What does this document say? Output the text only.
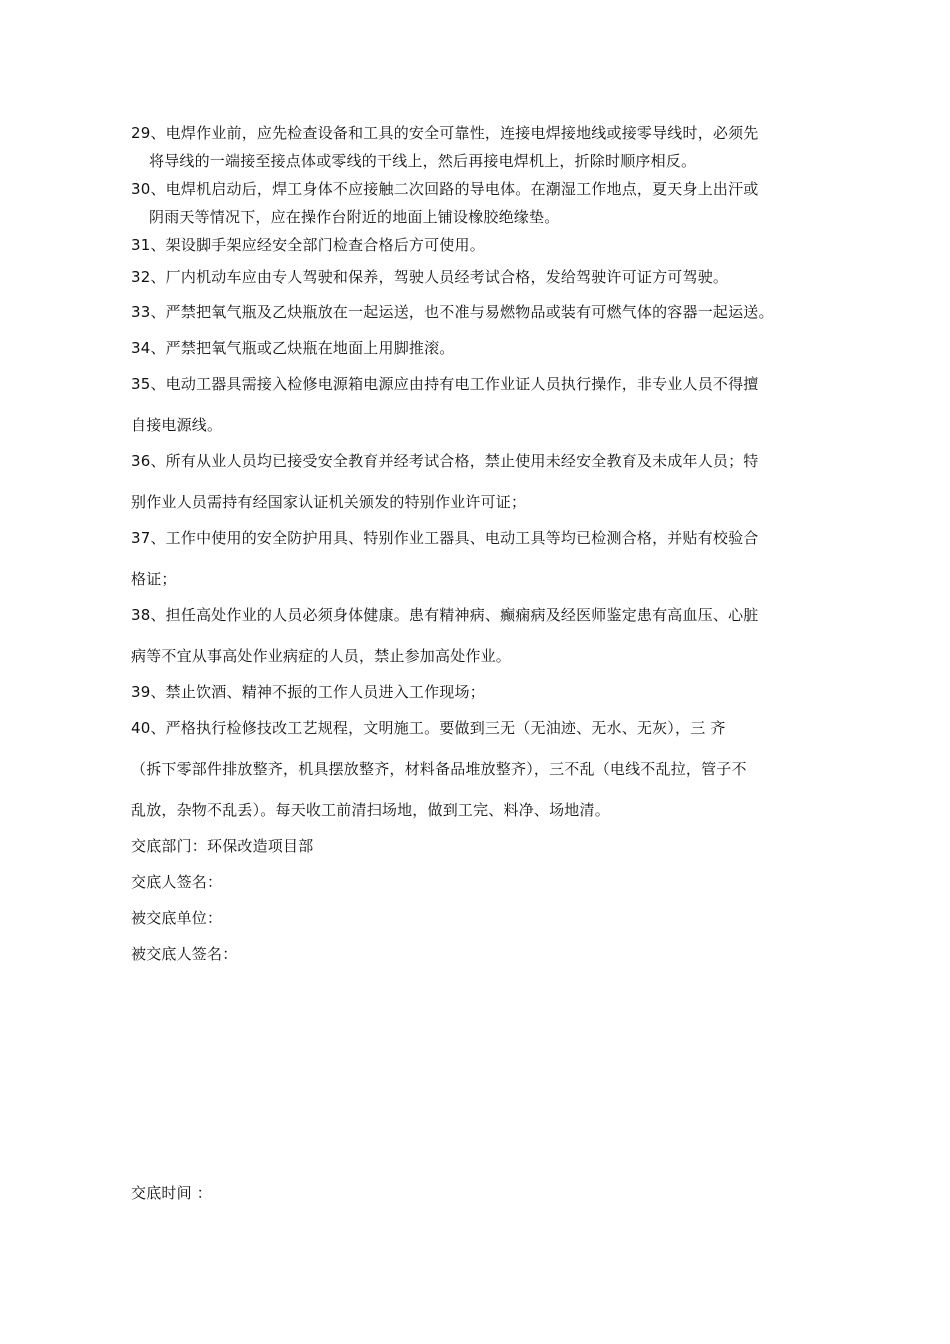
29、电焊作业前，应先检查设备和工具的安全可靠性，连接电焊接地线或接零导线时，必须先
将导线的一端接至接点体或零线的干线上，然后再接电焊机上，折除时顺序相反。
30、电焊机启动后，焊工身体不应接触二次回路的导电体。在潮湿工作地点，夏天身上出汗或
阴雨天等情况下，应在操作台附近的地面上铺设橡胶绝缘垫。
31、架设脚手架应经安全部门检查合格后方可使用。
32、厂内机动车应由专人驾驶和保养，驾驶人员经考试合格，发给驾驶许可证方可驾驶。
33、严禁把氧气瓶及乙炔瓶放在一起运送，也不准与易燃物品或装有可燃气体的容器一起运送。
34、严禁把氧气瓶或乙炔瓶在地面上用脚推滚。
35、电动工器具需接入检修电源箱电源应由持有电工作业证人员执行操作，非专业人员不得擅
自接电源线。
36、所有从业人员均已接受安全教育并经考试合格，禁止使用未经安全教育及未成年人员；特
别作业人员需持有经国家认证机关颁发的特别作业许可证；
37、工作中使用的安全防护用具、特别作业工器具、电动工具等均已检测合格，并贴有校验合
格证；
38、担任高处作业的人员必须身体健康。患有精神病、癫痫病及经医师鉴定患有高血压、心脏
病等不宜从事高处作业病症的人员，禁止参加高处作业。
39、禁止饮酒、精神不振的工作人员进入工作现场；
40、严格执行检修技改工艺规程，文明施工。要做到三无（无油迹、无水、无灰），三 齐
（拆下零部件排放整齐，机具摆放整齐，材料备品堆放整齐），三不乱（电线不乱拉，管子不
乱放，杂物不乱丢）。每天收工前清扫场地，做到工完、料净、场地清。
交底部门：环保改造项目部
交底人签名：
被交底单位：
被交底人签名：
交底时间 ：
